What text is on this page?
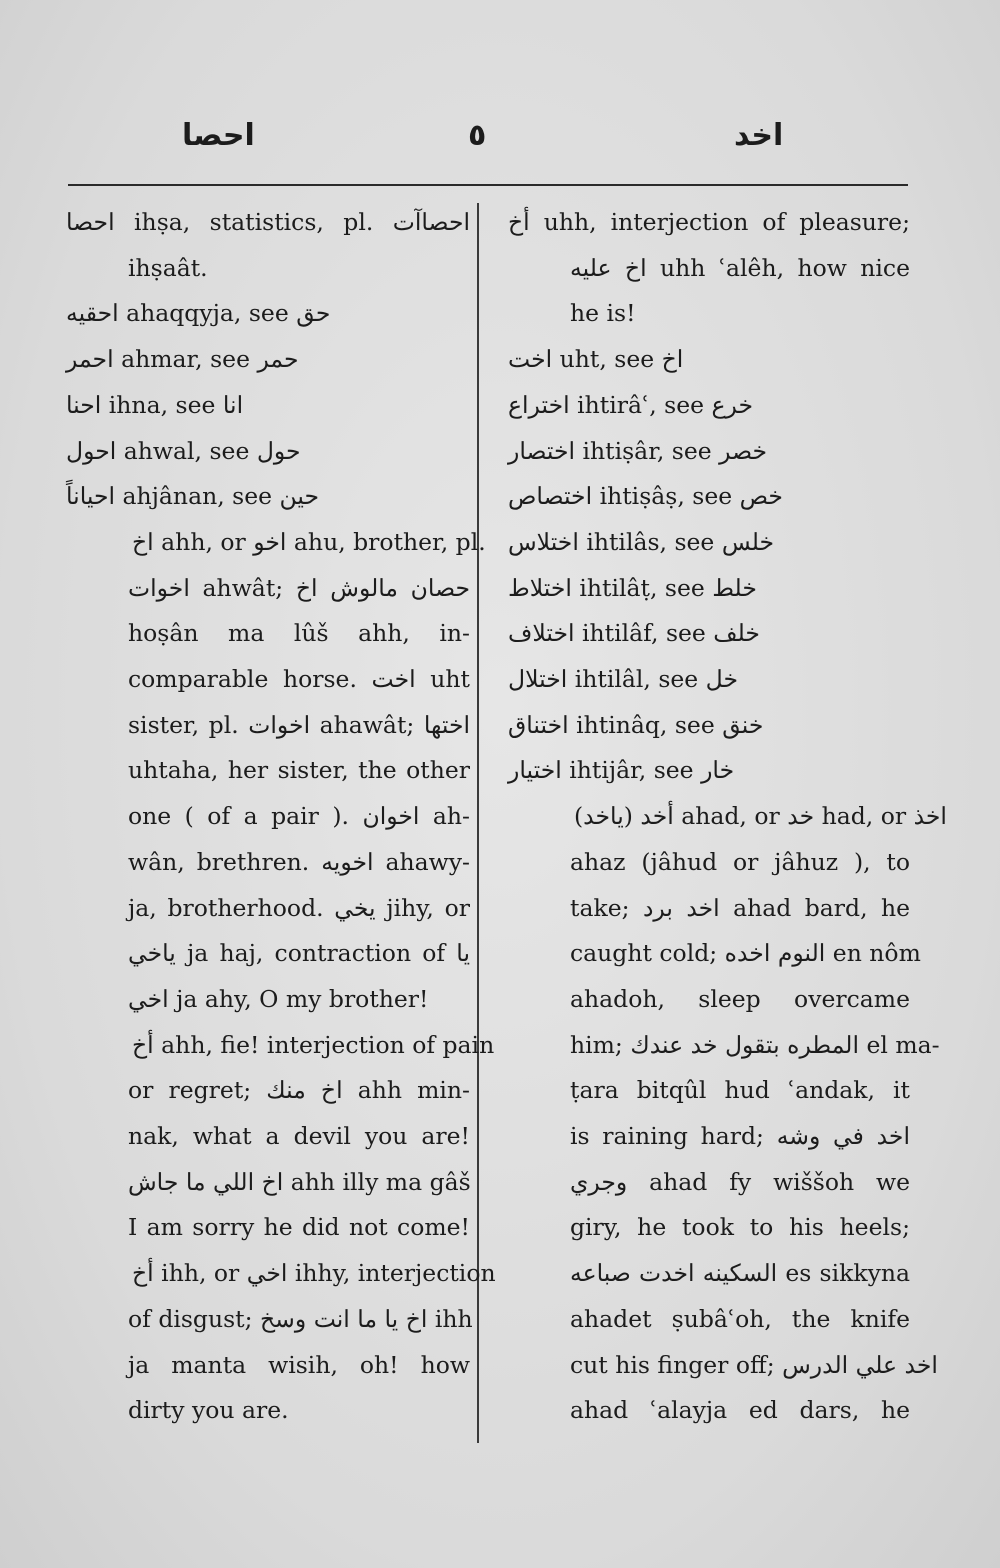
احصا	٥	اخد
احصا ihṣa, statistics, pl. احصاآت
ihṣaât.
احقيه ahaqqyja, see حق
احمر ahmar, see حمر
احنا ihna, see انا
احول ahwal, see حول
احياناً ahjânan, see حين
اخ ahh, or اخو ahu, brother, pl.
اخوات ahwât; حصان مالوش اخ
hoṣân ma lûš ahh, in-
comparable horse. اخت uht
sister, pl. اخوات ahawât; اختها
uhtaha, her sister, the other
one ( of a pair ). اخوان ah-
wân, brethren. اخويه ahawy-
ja, brotherhood. يخي jihy, or
ياخي ja haj, contraction of يا
اخي ja ahy, O my brother!
أخ ahh, fie! interjection of pain
or regret; اخ منك ahh min-
nak, what a devil you are!
اخ اللي ما جاش ahh illy ma gâš
I am sorry he did not come!
أخ ihh, or اخي ihhy, interjection
of disgust; اخ يا ما انت وسخ ihh
ja manta wisih, oh! how
dirty you are.
أخ uhh, interjection of pleasure;
اخ عليه uhh ʿalêh, how nice
he is!
اخت uht, see اخ
اختراع ihtirâʿ, see خرع
اختصار ihtiṣâr, see خصر
اختصاص ihtiṣâṣ, see خص
اختلاس ihtilâs, see خلس
اختلاط ihtilâṭ, see خلط
اختلاف ihtilâf, see خلف
اختلال ihtilâl, see خل
اختناق ihtinâq, see خنق
اختيار ihtijâr, see خار
أخد (ياخد) ahad, or خد had, or اخذ
ahaz (jâhud or jâhuz ), to
take; اخد برد ahad bard, he
caught cold; النوم اخده en nôm
ahadoh, sleep overcame
him; المطره بتقول خد عندك el ma-
ṭara bitqûl hud ʿandak, it
is raining hard; اخد في وشه
وجري ahad fy wiššoh we
giry, he took to his heels;
السكينه اخدت صباعه es sikkyna
ahadet ṣubâʿoh, the knife
cut his finger off; اخد علي الدرس
ahad ʿalayja ed dars, he
